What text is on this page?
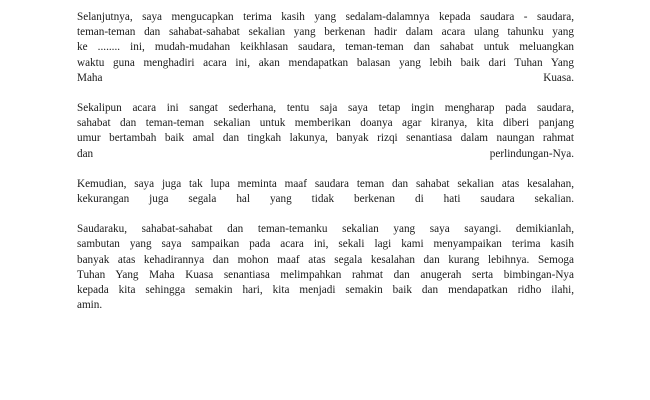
Selanjutnya, saya mengucapkan terima kasih yang sedalam-dalamnya kepada saudara - saudara,
teman-teman dan sahabat-sahabat sekalian yang berkenan hadir dalam acara ulang tahunku yang
ke ........ ini, mudah-mudahan keikhlasan saudara, teman-teman dan sahabat untuk meluangkan
waktu guna menghadiri acara ini, akan mendapatkan balasan yang lebih baik dari Tuhan Yang
Maha Kuasa.

Sekalipun acara ini sangat sederhana, tentu saja saya tetap ingin mengharap pada saudara,
sahabat dan teman-teman sekalian untuk memberikan doanya agar kiranya, kita diberi panjang
umur bertambah baik amal dan tingkah lakunya, banyak rizqi senantiasa dalam naungan rahmat
dan perlindungan-Nya.

Kemudian, saya juga tak lupa meminta maaf saudara teman dan sahabat sekalian atas kesalahan,
kekurangan juga segala hal yang tidak berkenan di hati saudara sekalian.

Saudaraku, sahabat-sahabat dan teman-temanku sekalian yang saya sayangi. demikianlah,
sambutan yang saya sampaikan pada acara ini, sekali lagi kami menyampaikan terima kasih
banyak atas kehadirannya dan mohon maaf atas segala kesalahan dan kurang lebihnya. Semoga
Tuhan Yang Maha Kuasa senantiasa melimpahkan rahmat dan anugerah serta bimbingan-Nya
kepada kita sehingga semakin hari, kita menjadi semakin baik dan mendapatkan ridho ilahi,
amin.
